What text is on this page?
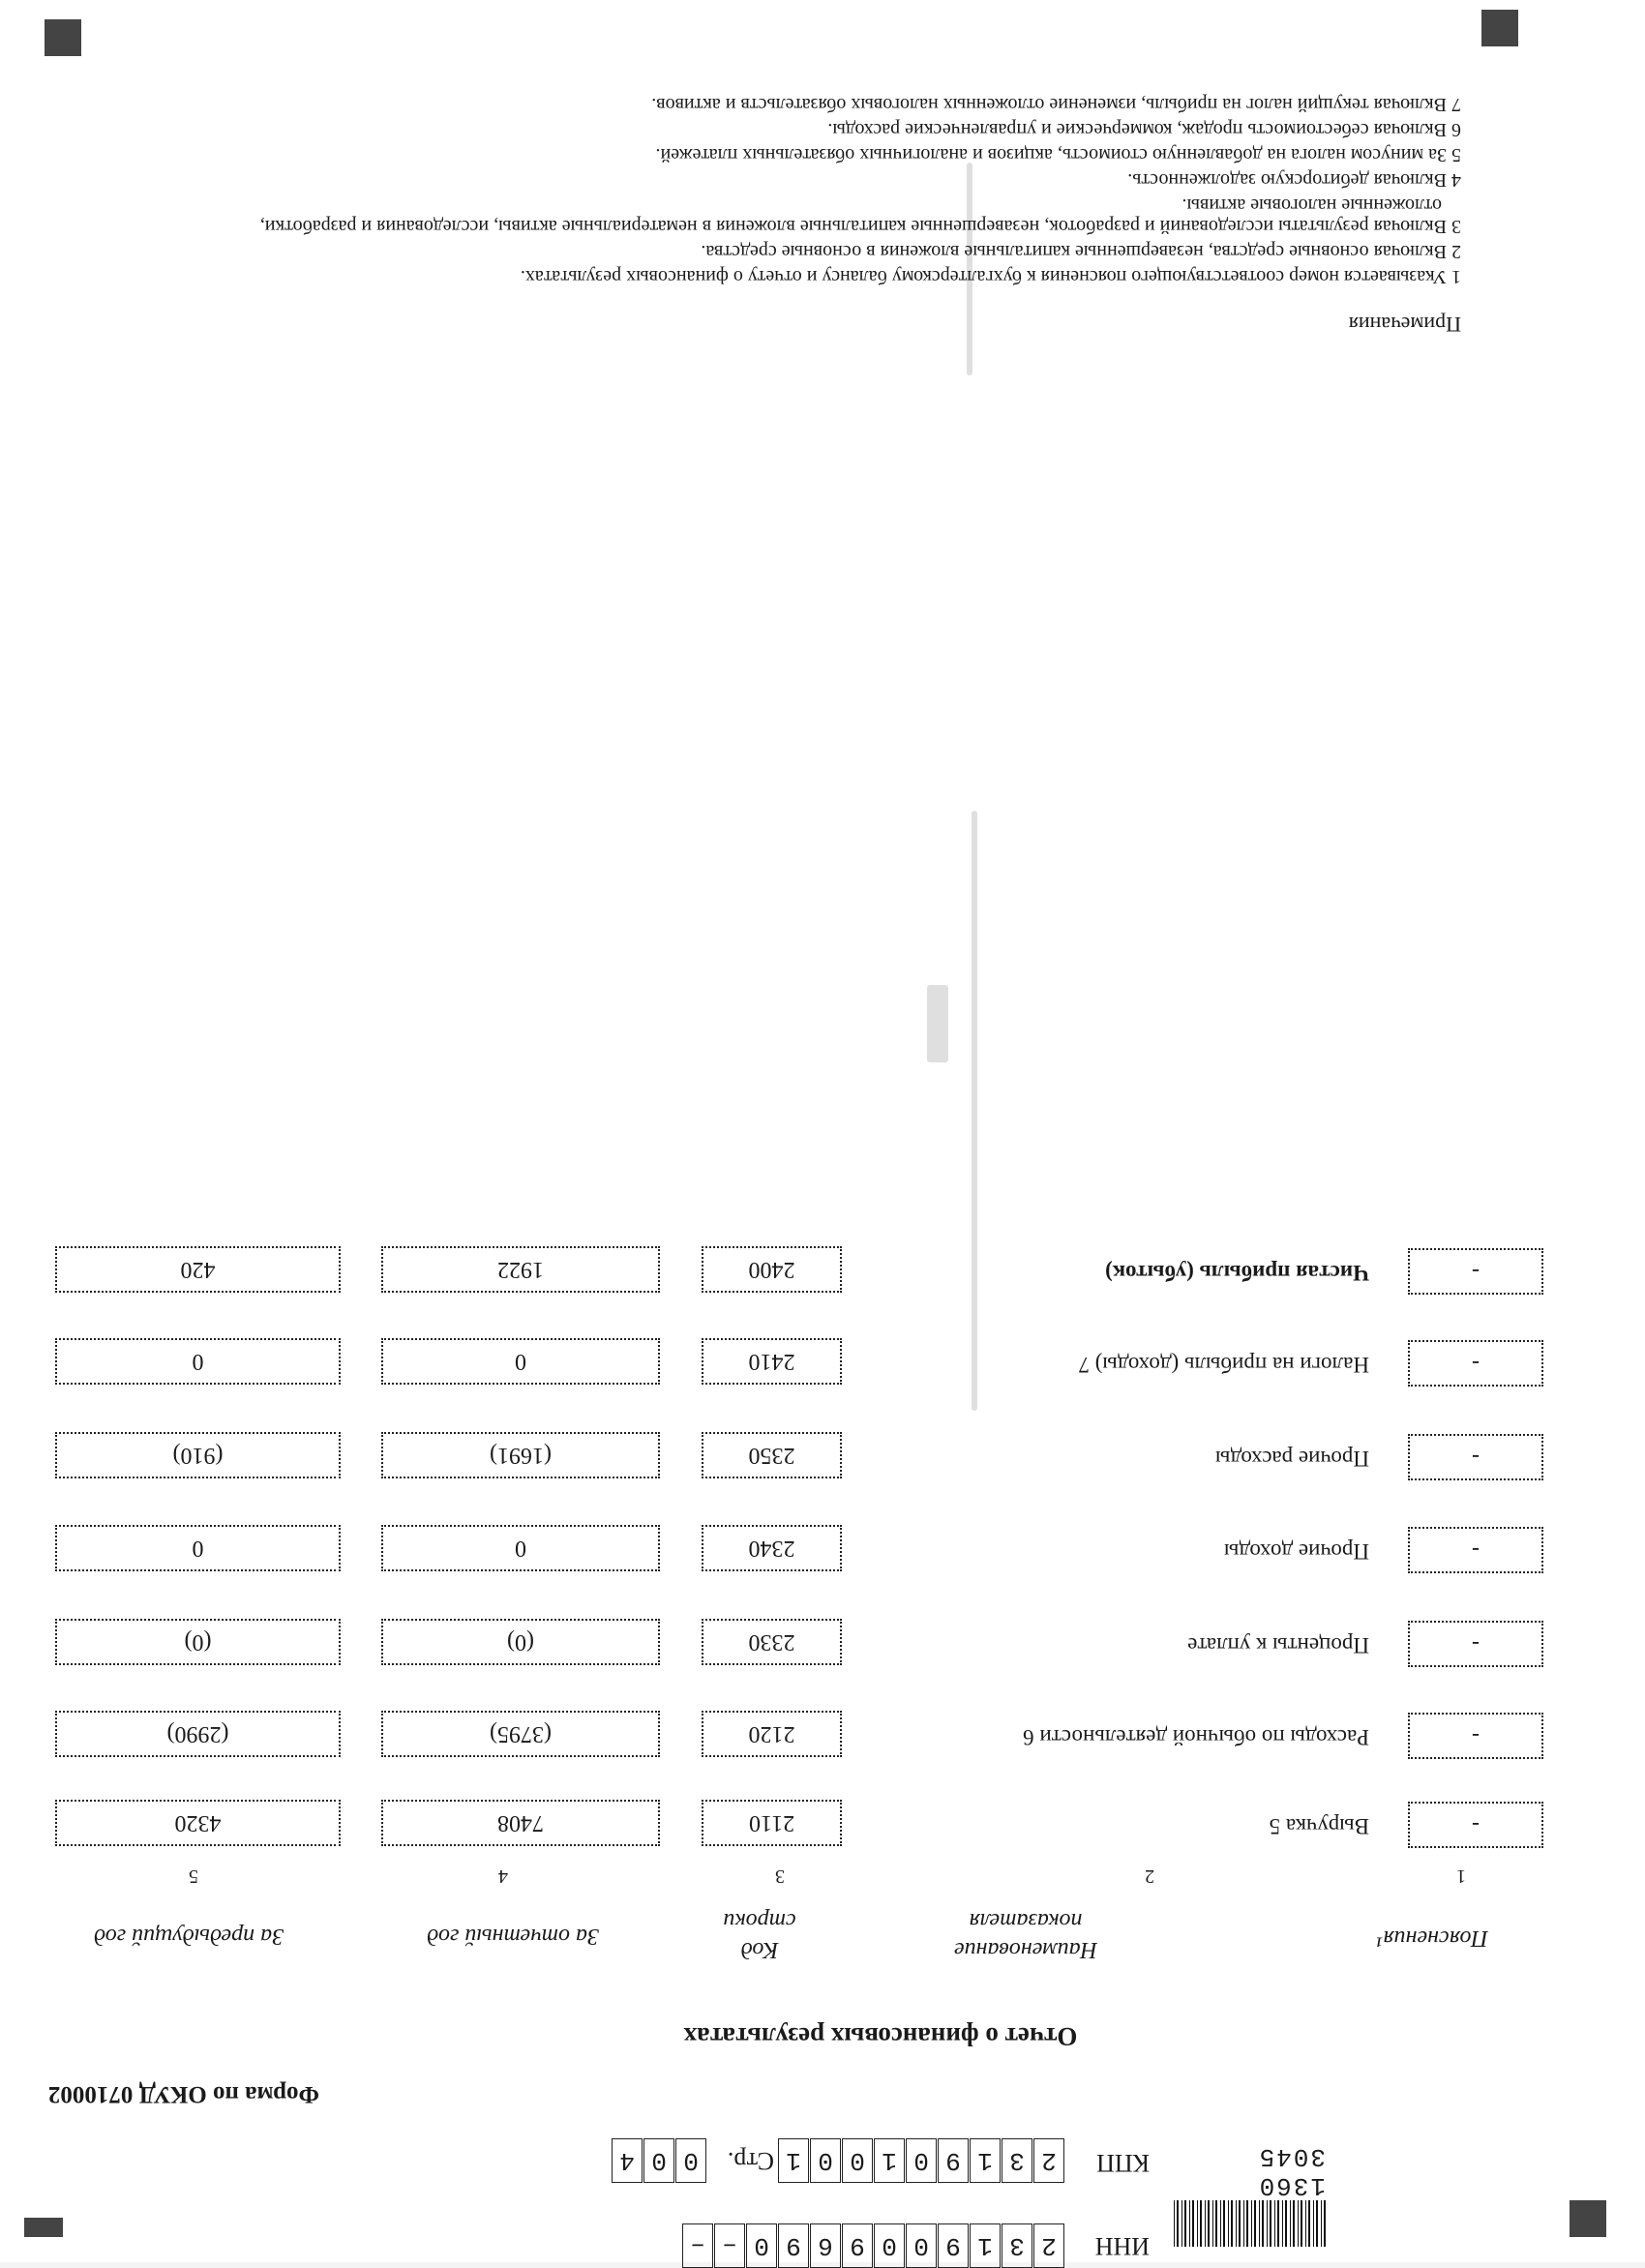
1360 3045
ИНН
2
3
1
9
0
0
9
6
9
0
–
–
КПП
2
3
1
9
0
1
0
0
1
Стр.
0
0
4
Форма по ОКУД 0710002
Отчет о финансовых результатах
Пояснения¹
Наименование показателя
Код строки
За отчетный год
За предыдущий год
1
2
3
4
5
-
Выручка 5
2110
7408
4320
-
Расходы по обычной деятельности 6
2120
(3795)
(2990)
-
Проценты к уплате
2330
(0)
(0)
-
Прочие доходы
2340
0
0
-
Прочие расходы
2350
(1691)
(910)
-
Налоги на прибыль (доходы) 7
2410
0
0
-
Чистая прибыль (убыток)
2400
1922
420
Примечания
1 Указывается номер соответствующего пояснения к бухгалтерскому балансу и отчету о финансовых результатах.
2 Включая основные средства, незавершенные капитальные вложения в основные средства.
3 Включая результаты исследований и разработок, незавершенные капитальные вложения в нематериальные активы, исследования и разработки,
отложенные налоговые активы.
4 Включая дебиторскую задолженность.
5 За минусом налога на добавленную стоимость, акцизов и аналогичных обязательных платежей.
6 Включая себестоимость продаж, коммерческие и управленческие расходы.
7 Включая текущий налог на прибыль, изменение отложенных налоговых обязательств и активов.
